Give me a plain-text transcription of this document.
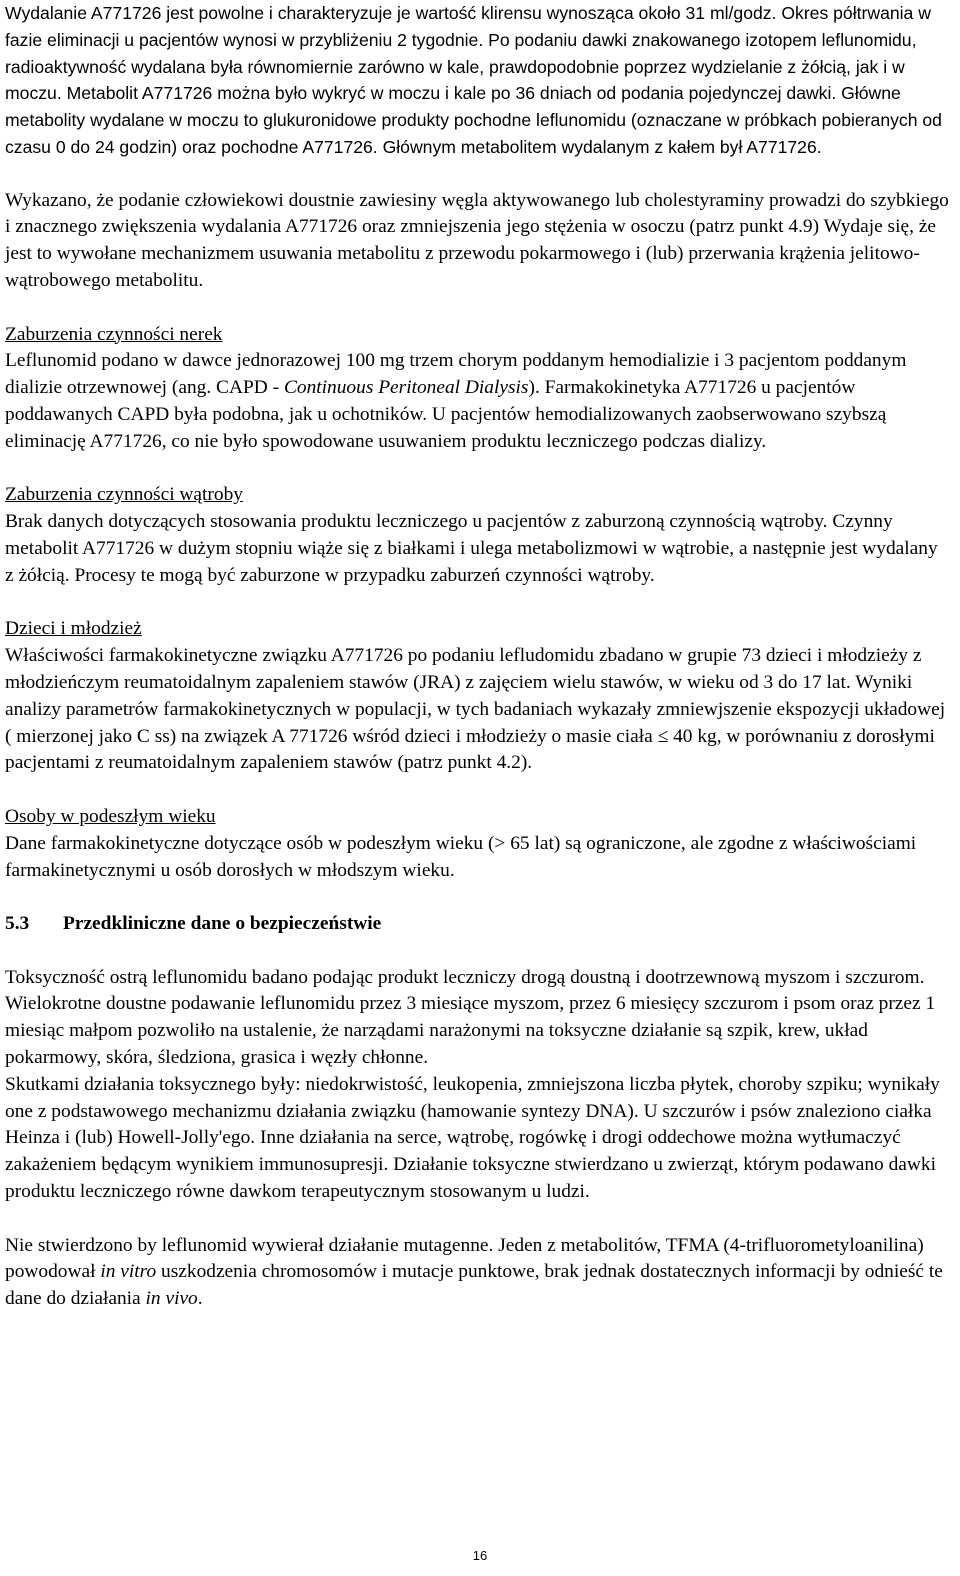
Wydalanie A771726 jest powolne i charakteryzuje je wartość klirensu wynosząca około 31 ml/godz. Okres półtrwania w fazie eliminacji u pacjentów wynosi w przybliżeniu 2 tygodnie. Po podaniu dawki znakowanego izotopem leflunomidu, radioaktywność wydalana była równomiernie zarówno w kale, prawdopodobnie poprzez wydzielanie z żółcią, jak i w moczu. Metabolit A771726 można było wykryć w moczu i kale po 36 dniach od podania pojedynczej dawki. Główne metabolity wydalane w moczu to glukuronidowe produkty pochodne leflunomidu (oznaczane w próbkach pobieranych od czasu 0 do 24 godzin) oraz pochodne A771726. Głównym metabolitem wydalanym z kałem był A771726.

Wykazano, że podanie człowiekowi doustnie zawiesiny węgla aktywowanego lub cholestyraminy prowadzi do szybkiego i znacznego zwiększenia wydalania A771726 oraz zmniejszenia jego stężenia w osoczu (patrz punkt 4.9) Wydaje się, że jest to wywołane mechanizmem usuwania metabolitu z przewodu pokarmowego i (lub) przerwania krążenia jelitowo-wątrobowego metabolitu.

Zaburzenia czynności nerek

Leflunomid podano w dawce jednorazowej 100 mg trzem chorym poddanym hemodializie i 3 pacjentom poddanym dializie otrzewnowej (ang. CAPD - Continuous Peritoneal Dialysis). Farmakokinetyka A771726 u pacjentów poddawanych CAPD była podobna, jak u ochotników. U pacjentów hemodializowanych zaobserwowano szybszą eliminację A771726, co nie było spowodowane usuwaniem produktu leczniczego podczas dializy.

Zaburzenia czynności wątroby

Brak danych dotyczących stosowania produktu leczniczego u pacjentów z zaburzoną czynnością wątroby. Czynny metabolit A771726 w dużym stopniu wiąże się z białkami i ulega metabolizmowi w wątrobie, a następnie jest wydalany z żółcią. Procesy te mogą być zaburzone w przypadku zaburzeń czynności wątroby.

Dzieci i młodzież

Właściwości farmakokinetyczne związku A771726 po podaniu lefludomidu zbadano w grupie 73 dzieci i młodzieży z młodzieńczym reumatoidalnym zapaleniem stawów (JRA) z zajęciem wielu stawów, w wieku od 3 do 17 lat. Wyniki analizy parametrów farmakokinetycznych w populacji, w tych badaniach wykazały zmniewjszenie ekspozycji układowej ( mierzonej jako C ss) na związek A 771726 wśród dzieci i młodzieży o masie ciała ≤ 40 kg, w porównaniu z dorosłymi pacjentami z reumatoidalnym zapaleniem stawów (patrz punkt 4.2).

Osoby w podeszłym wieku

Dane farmakokinetyczne dotyczące osób w podeszłym wieku (> 65 lat) są ograniczone, ale zgodne z właściwościami farmakinetycznymi u osób dorosłych w młodszym wieku.

5.3 Przedkliniczne dane o bezpieczeństwie

Toksyczność ostrą leflunomidu badano podając produkt leczniczy drogą doustną i dootrzewnową myszom i szczurom. Wielokrotne doustne podawanie leflunomidu przez 3 miesiące myszom, przez 6 miesięcy szczurom i psom oraz przez 1 miesiąc małpom pozwoliło na ustalenie, że narządami narażonymi na toksyczne działanie są szpik, krew, układ pokarmowy, skóra, śledziona, grasica i węzły chłonne.

Skutkami działania toksycznego były: niedokrwistość, leukopenia, zmniejszona liczba płytek, choroby szpiku; wynikały one z podstawowego mechanizmu działania związku (hamowanie syntezy DNA). U szczurów i psów znaleziono ciałka Heinza i (lub) Howell-Jolly'ego. Inne działania na serce, wątrobę, rogówkę i drogi oddechowe można wytłumaczyć zakażeniem będącym wynikiem immunosupresji. Działanie toksyczne stwierdzano u zwierząt, którym podawano dawki produktu leczniczego równe dawkom terapeutycznym stosowanym u ludzi.

Nie stwierdzono by leflunomid wywierał działanie mutagenne. Jeden z metabolitów, TFMA (4-trifluorometyloanilina) powodował in vitro uszkodzenia chromosomów i mutacje punktowe, brak jednak dostatecznych informacji by odnieść te dane do działania in vivo.

16
